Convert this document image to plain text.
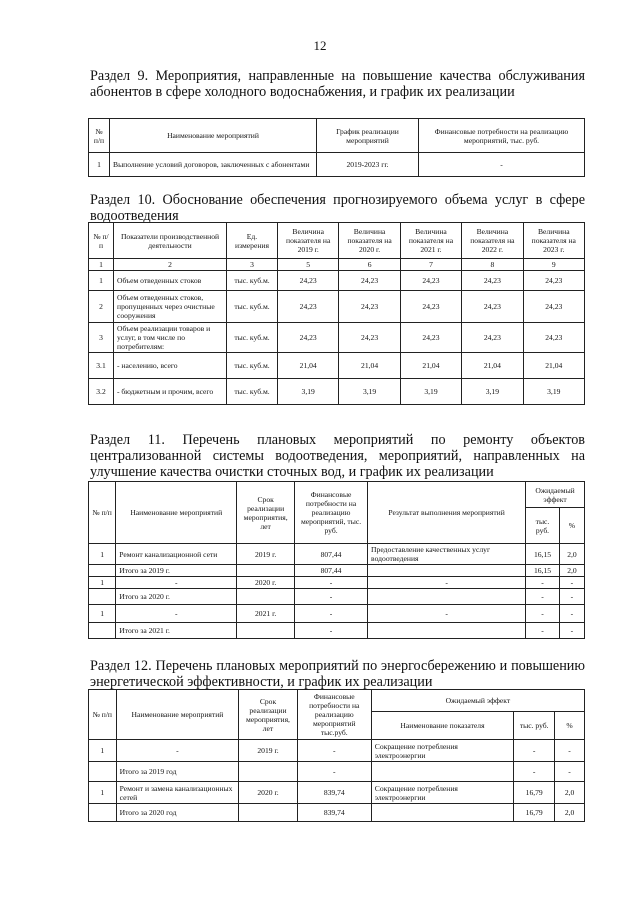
12
Раздел 9. Мероприятия, направленные на повышение качества обслуживания абонентов в сфере холодного водоснабжения, и график их реализации
№ п/п	Наименование мероприятий	График реализации мероприятий	Финансовые потребности на реализацию мероприятий, тыс. руб.
1	Выполнение условий договоров, заключенных с абонентами	2019-2023 гг.	-
Раздел 10. Обоснование обеспечения прогнозируемого объема услуг в сфере водоотведения
№ п/п	Показатели производственной деятельности	Ед. измерения	Величина показателя на 2019 г.	Величина показателя на 2020 г.	Величина показателя на 2021 г.	Величина показателя на 2022 г.	Величина показателя на 2023 г.
1	2	3	5	6	7	8	9
1	Объем отведенных стоков	тыс. куб.м.	24,23	24,23	24,23	24,23	24,23
2	Объем отведенных стоков, пропущенных через очистные сооружения	тыс. куб.м.	24,23	24,23	24,23	24,23	24,23
3	Объем реализации товаров и услуг, в том числе по потребителям:	тыс. куб.м.	24,23	24,23	24,23	24,23	24,23
3.1	- населению, всего	тыс. куб.м.	21,04	21,04	21,04	21,04	21,04
3.2	- бюджетным и прочим, всего	тыс. куб.м.	3,19	3,19	3,19	3,19	3,19
Раздел 11. Перечень плановых мероприятий по ремонту объектов централизованной системы водоотведения, мероприятий, направленных на улучшение качества очистки сточных вод, и график их реализации
№ п/п	Наименование мероприятий	Срок реализации мероприятия, лет	Финансовые потребности на реализацию мероприятий, тыс. руб.	Результат выполнения мероприятий	Ожидаемый эффект	
					тыс. руб.	%
1	Ремонт канализационной сети	2019 г.	807,44	Предоставление качественных услуг водоотведения	16,15	2,0
	Итого за 2019 г.		807,44		16,15	2,0
1	-	2020 г.	-	-	-	-
	Итого за 2020 г.		-		-	-
1	-	2021 г.	-	-	-	-
	Итого за 2021 г.		-		-	-
Раздел 12. Перечень плановых мероприятий по энергосбережению и повышению энергетической эффективности, и график их реализации
№ п/п	Наименование мероприятий	Срок реализации мероприятия, лет	Финансовые потребности на реализацию мероприятий тыс.руб.	Ожидаемый эффект		
				Наименование показателя	тыс. руб.	%
1	-	2019 г.	-	Сокращение потребления электроэнергии	-	-
	Итого за 2019 год		-		-	-
1	Ремонт и замена канализационных сетей	2020 г.	839,74	Сокращение потребления электроэнергии	16,79	2,0
	Итого за 2020 год		839,74		16,79	2,0
